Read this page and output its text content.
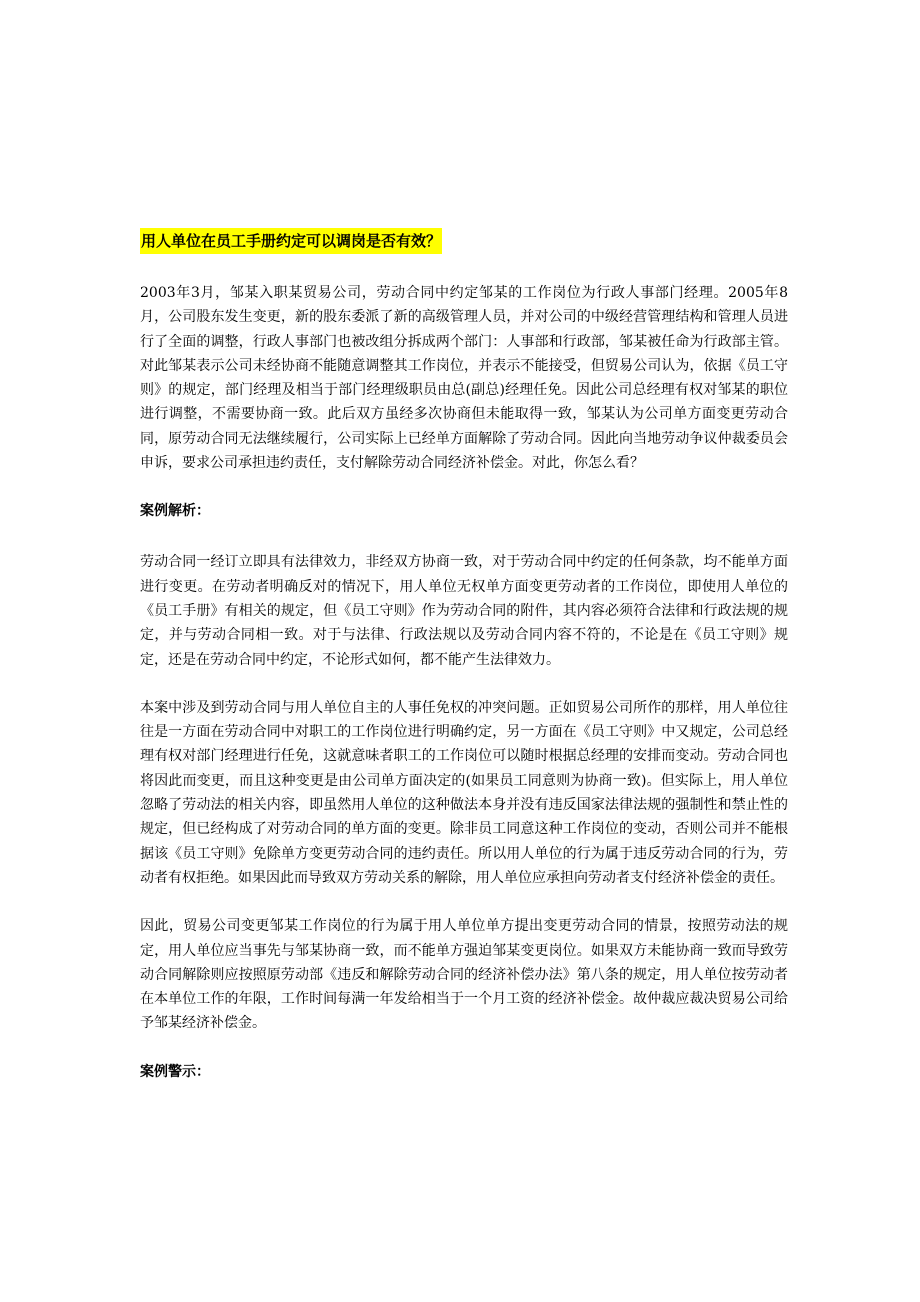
用人单位在员工手册约定可以调岗是否有效？
2003年3月，邹某入职某贸易公司，劳动合同中约定邹某的工作岗位为行政人事部门经理。2005年8月，公司股东发生变更，新的股东委派了新的高级管理人员，并对公司的中级经营管理结构和管理人员进行了全面的调整，行政人事部门也被改组分拆成两个部门：人事部和行政部，邹某被任命为行政部主管。对此邹某表示公司未经协商不能随意调整其工作岗位，并表示不能接受，但贸易公司认为，依据《员工守则》的规定，部门经理及相当于部门经理级职员由总(副总)经理任免。因此公司总经理有权对邹某的职位进行调整，不需要协商一致。此后双方虽经多次协商但未能取得一致，邹某认为公司单方面变更劳动合同，原劳动合同无法继续履行，公司实际上已经单方面解除了劳动合同。因此向当地劳动争议仲裁委员会申诉，要求公司承担违约责任，支付解除劳动合同经济补偿金。对此，你怎么看？
案例解析：
劳动合同一经订立即具有法律效力，非经双方协商一致，对于劳动合同中约定的任何条款，均不能单方面进行变更。在劳动者明确反对的情况下，用人单位无权单方面变更劳动者的工作岗位，即使用人单位的《员工手册》有相关的规定，但《员工守则》作为劳动合同的附件，其内容必须符合法律和行政法规的规定，并与劳动合同相一致。对于与法律、行政法规以及劳动合同内容不符的，不论是在《员工守则》规定，还是在劳动合同中约定，不论形式如何，都不能产生法律效力。
本案中涉及到劳动合同与用人单位自主的人事任免权的冲突问题。正如贸易公司所作的那样，用人单位往往是一方面在劳动合同中对职工的工作岗位进行明确约定，另一方面在《员工守则》中又规定，公司总经理有权对部门经理进行任免，这就意味者职工的工作岗位可以随时根据总经理的安排而变动。劳动合同也将因此而变更，而且这种变更是由公司单方面决定的(如果员工同意则为协商一致)。但实际上，用人单位忽略了劳动法的相关内容，即虽然用人单位的这种做法本身并没有违反国家法律法规的强制性和禁止性的规定，但已经构成了对劳动合同的单方面的变更。除非员工同意这种工作岗位的变动，否则公司并不能根据该《员工守则》免除单方变更劳动合同的违约责任。所以用人单位的行为属于违反劳动合同的行为，劳动者有权拒绝。如果因此而导致双方劳动关系的解除，用人单位应承担向劳动者支付经济补偿金的责任。
因此，贸易公司变更邹某工作岗位的行为属于用人单位单方提出变更劳动合同的情景，按照劳动法的规定，用人单位应当事先与邹某协商一致，而不能单方强迫邹某变更岗位。如果双方未能协商一致而导致劳动合同解除则应按照原劳动部《违反和解除劳动合同的经济补偿办法》第八条的规定，用人单位按劳动者在本单位工作的年限，工作时间每满一年发给相当于一个月工资的经济补偿金。故仲裁应裁决贸易公司给予邹某经济补偿金。
案例警示：
